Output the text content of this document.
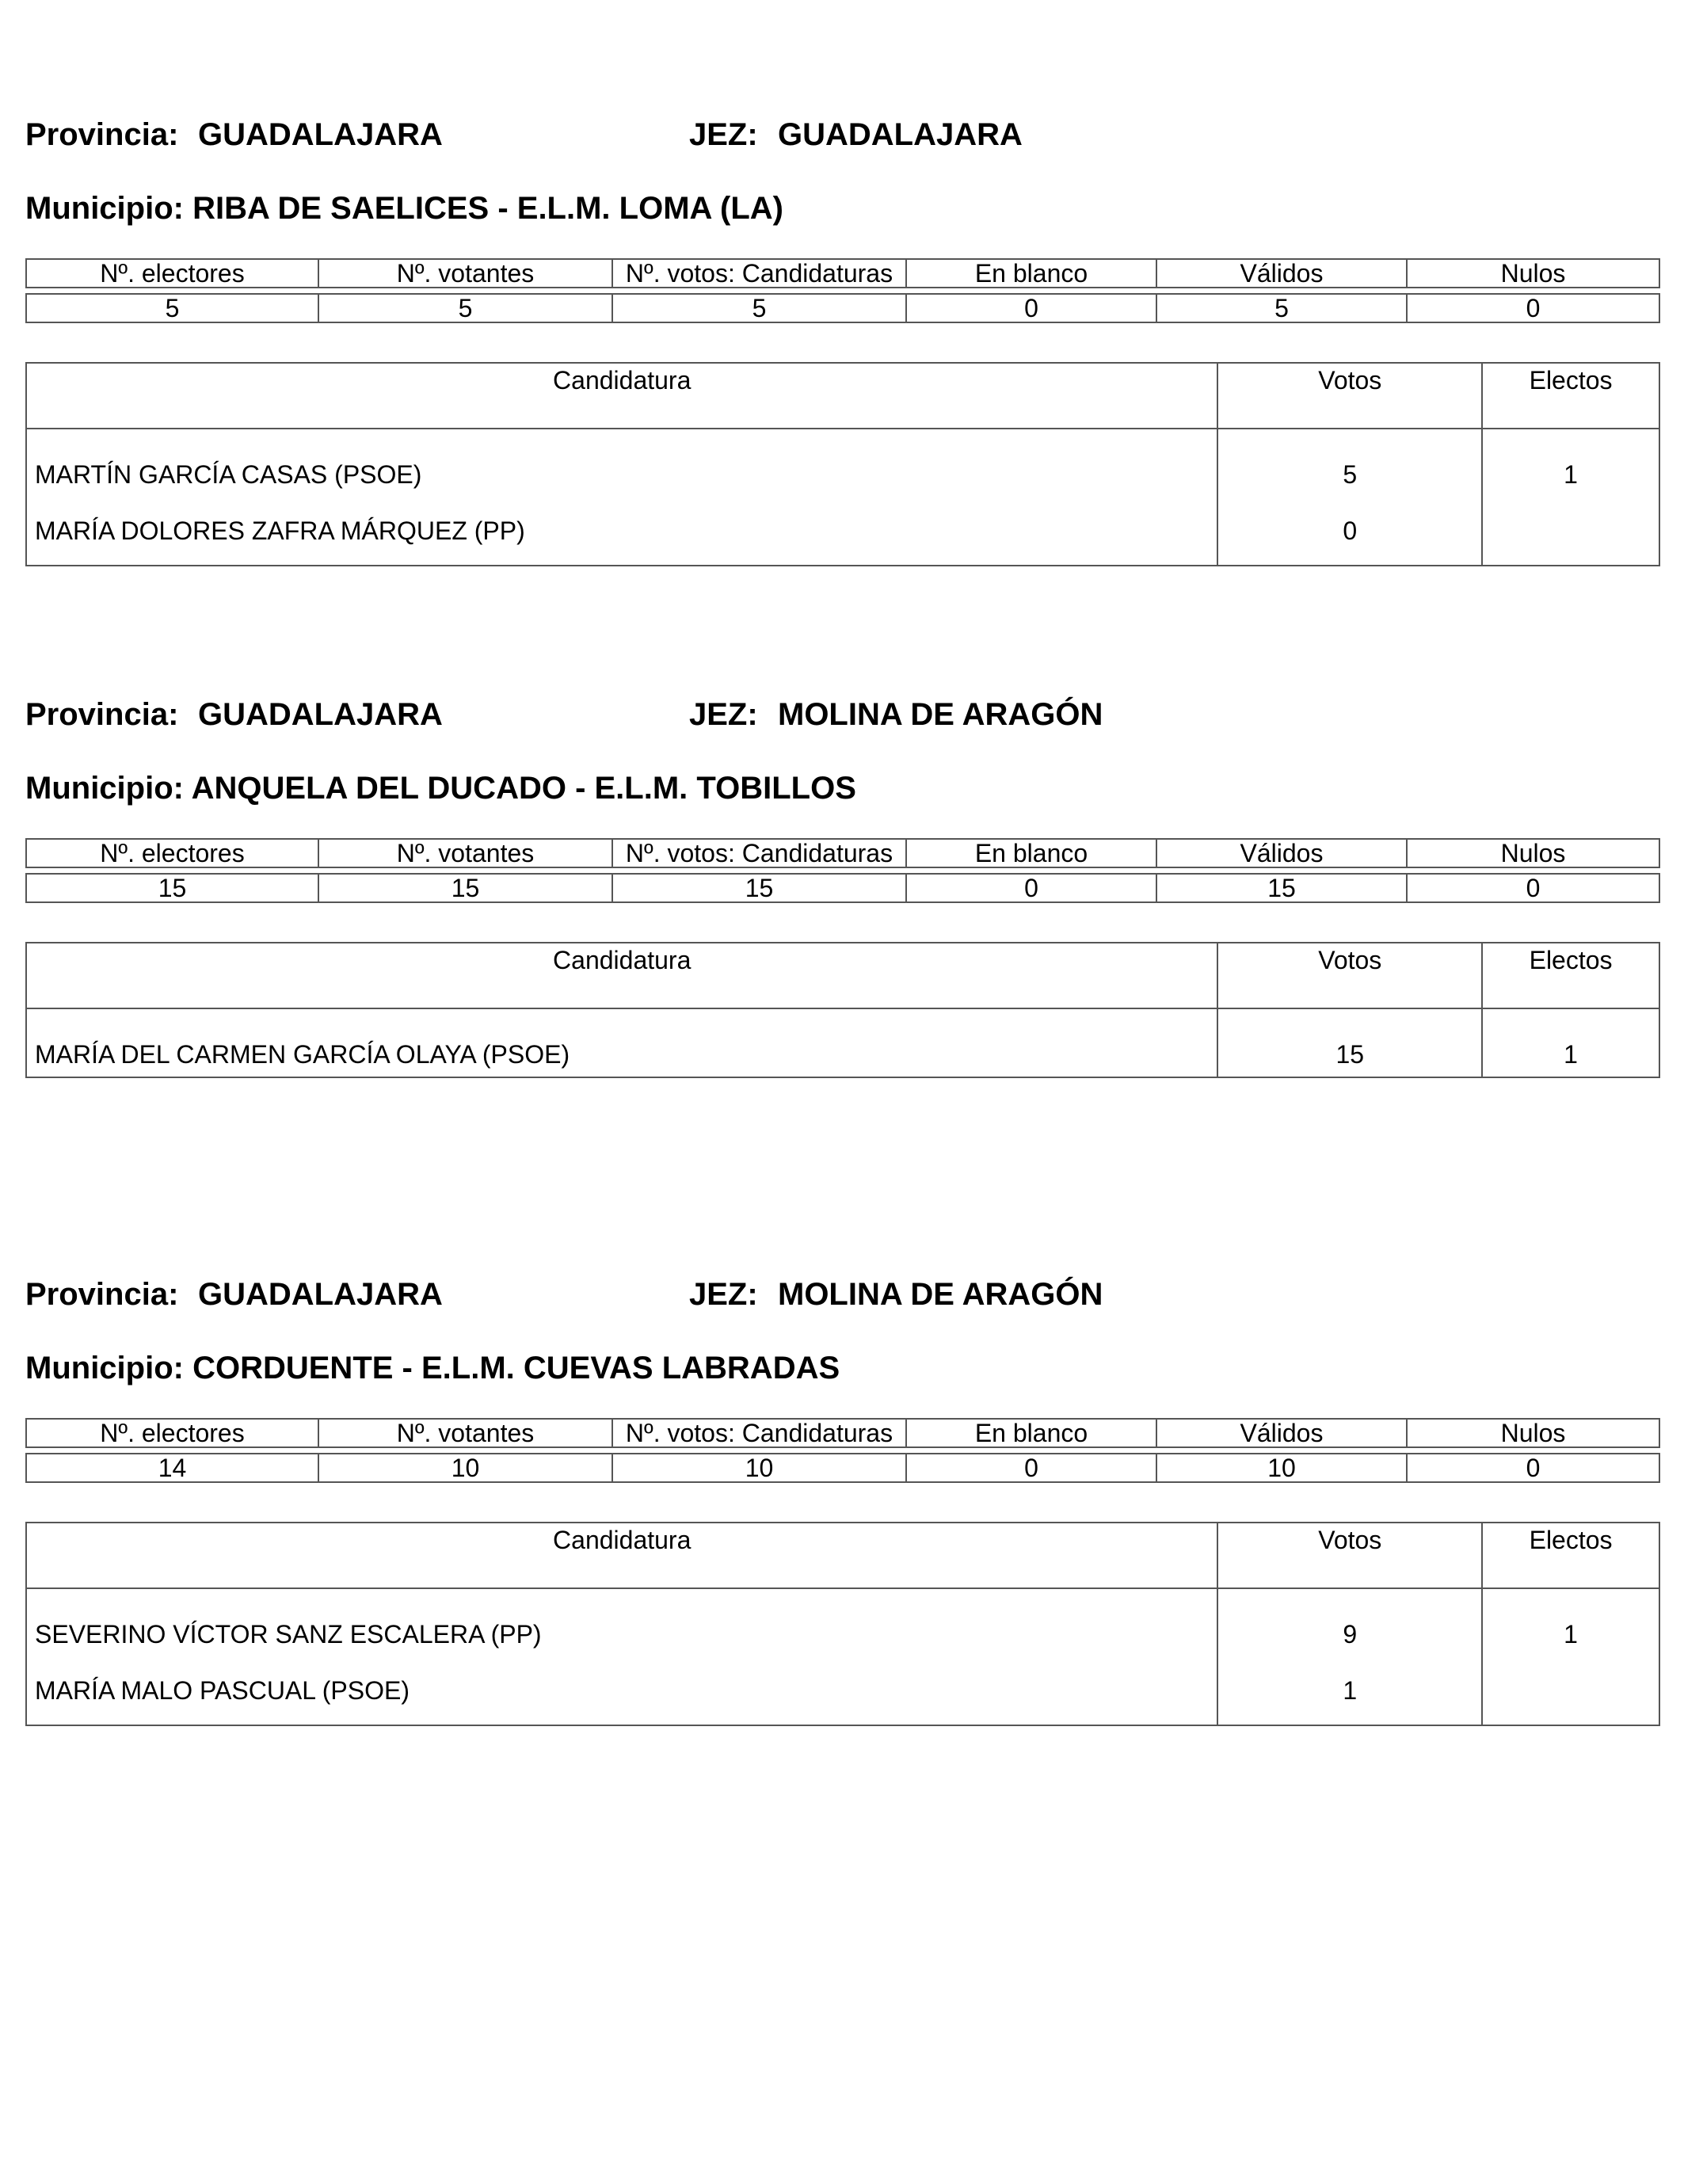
Provincia: GUADALAJARA	JEZ: GUADALAJARA
Municipio: RIBA DE SAELICES - E.L.M. LOMA (LA)
Nº. electores	Nº. votantes	Nº. votos: Candidaturas	En blanco	Válidos	Nulos
5	5	5	0	5	0
Candidatura	Votos	Electos
MARTÍN GARCÍA CASAS (PSOE)	5	1
MARÍA DOLORES ZAFRA MÁRQUEZ (PP)	0	
Provincia: GUADALAJARA	JEZ: MOLINA DE ARAGÓN
Municipio: ANQUELA DEL DUCADO - E.L.M. TOBILLOS
Nº. electores	Nº. votantes	Nº. votos: Candidaturas	En blanco	Válidos	Nulos
15	15	15	0	15	0
Candidatura	Votos	Electos
MARÍA DEL CARMEN GARCÍA OLAYA (PSOE)	15	1
Provincia: GUADALAJARA	JEZ: MOLINA DE ARAGÓN
Municipio: CORDUENTE - E.L.M. CUEVAS LABRADAS
Nº. electores	Nº. votantes	Nº. votos: Candidaturas	En blanco	Válidos	Nulos
14	10	10	0	10	0
Candidatura	Votos	Electos
SEVERINO VÍCTOR SANZ ESCALERA (PP)	9	1
MARÍA MALO PASCUAL (PSOE)	1	
